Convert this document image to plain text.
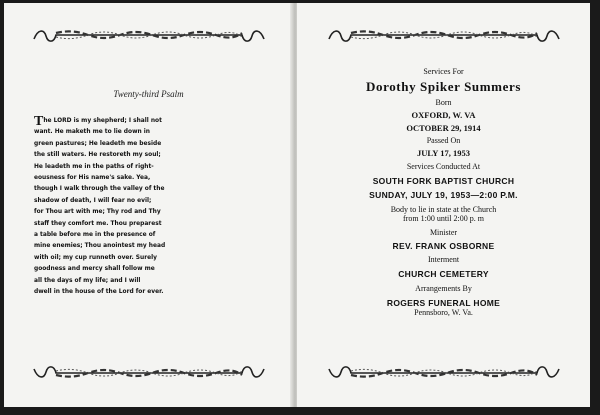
Twenty-third Psalm
The LORD is my shepherd; I shall not
want. He maketh me to lie down in
green pastures; He leadeth me beside
the still waters. He restoreth my soul;
He leadeth me in the paths of right-
eousness for His name's sake. Yea,
though I walk through the valley of the
shadow of death, I will fear no evil;
for Thou art with me; Thy rod and Thy
staff they comfort me. Thou preparest
a table before me in the presence of
mine enemies; Thou anointest my head
with oil; my cup runneth over. Surely
goodness and mercy shall follow me
all the days of my life; and I will
dwell in the house of the Lord for ever.
Services For
Dorothy Spiker Summers
Born
OXFORD, W. VA
OCTOBER 29, 1914
Passed On
JULY 17, 1953
Services Conducted At
SOUTH FORK BAPTIST CHURCH
SUNDAY, JULY 19, 1953—2:00 P.M.
Body to lie in state at the Church
from 1:00 until 2:00 p. m
Minister
REV. FRANK OSBORNE
Interment
CHURCH CEMETERY
Arrangements By
ROGERS FUNERAL HOME
Pennsboro, W. Va.
